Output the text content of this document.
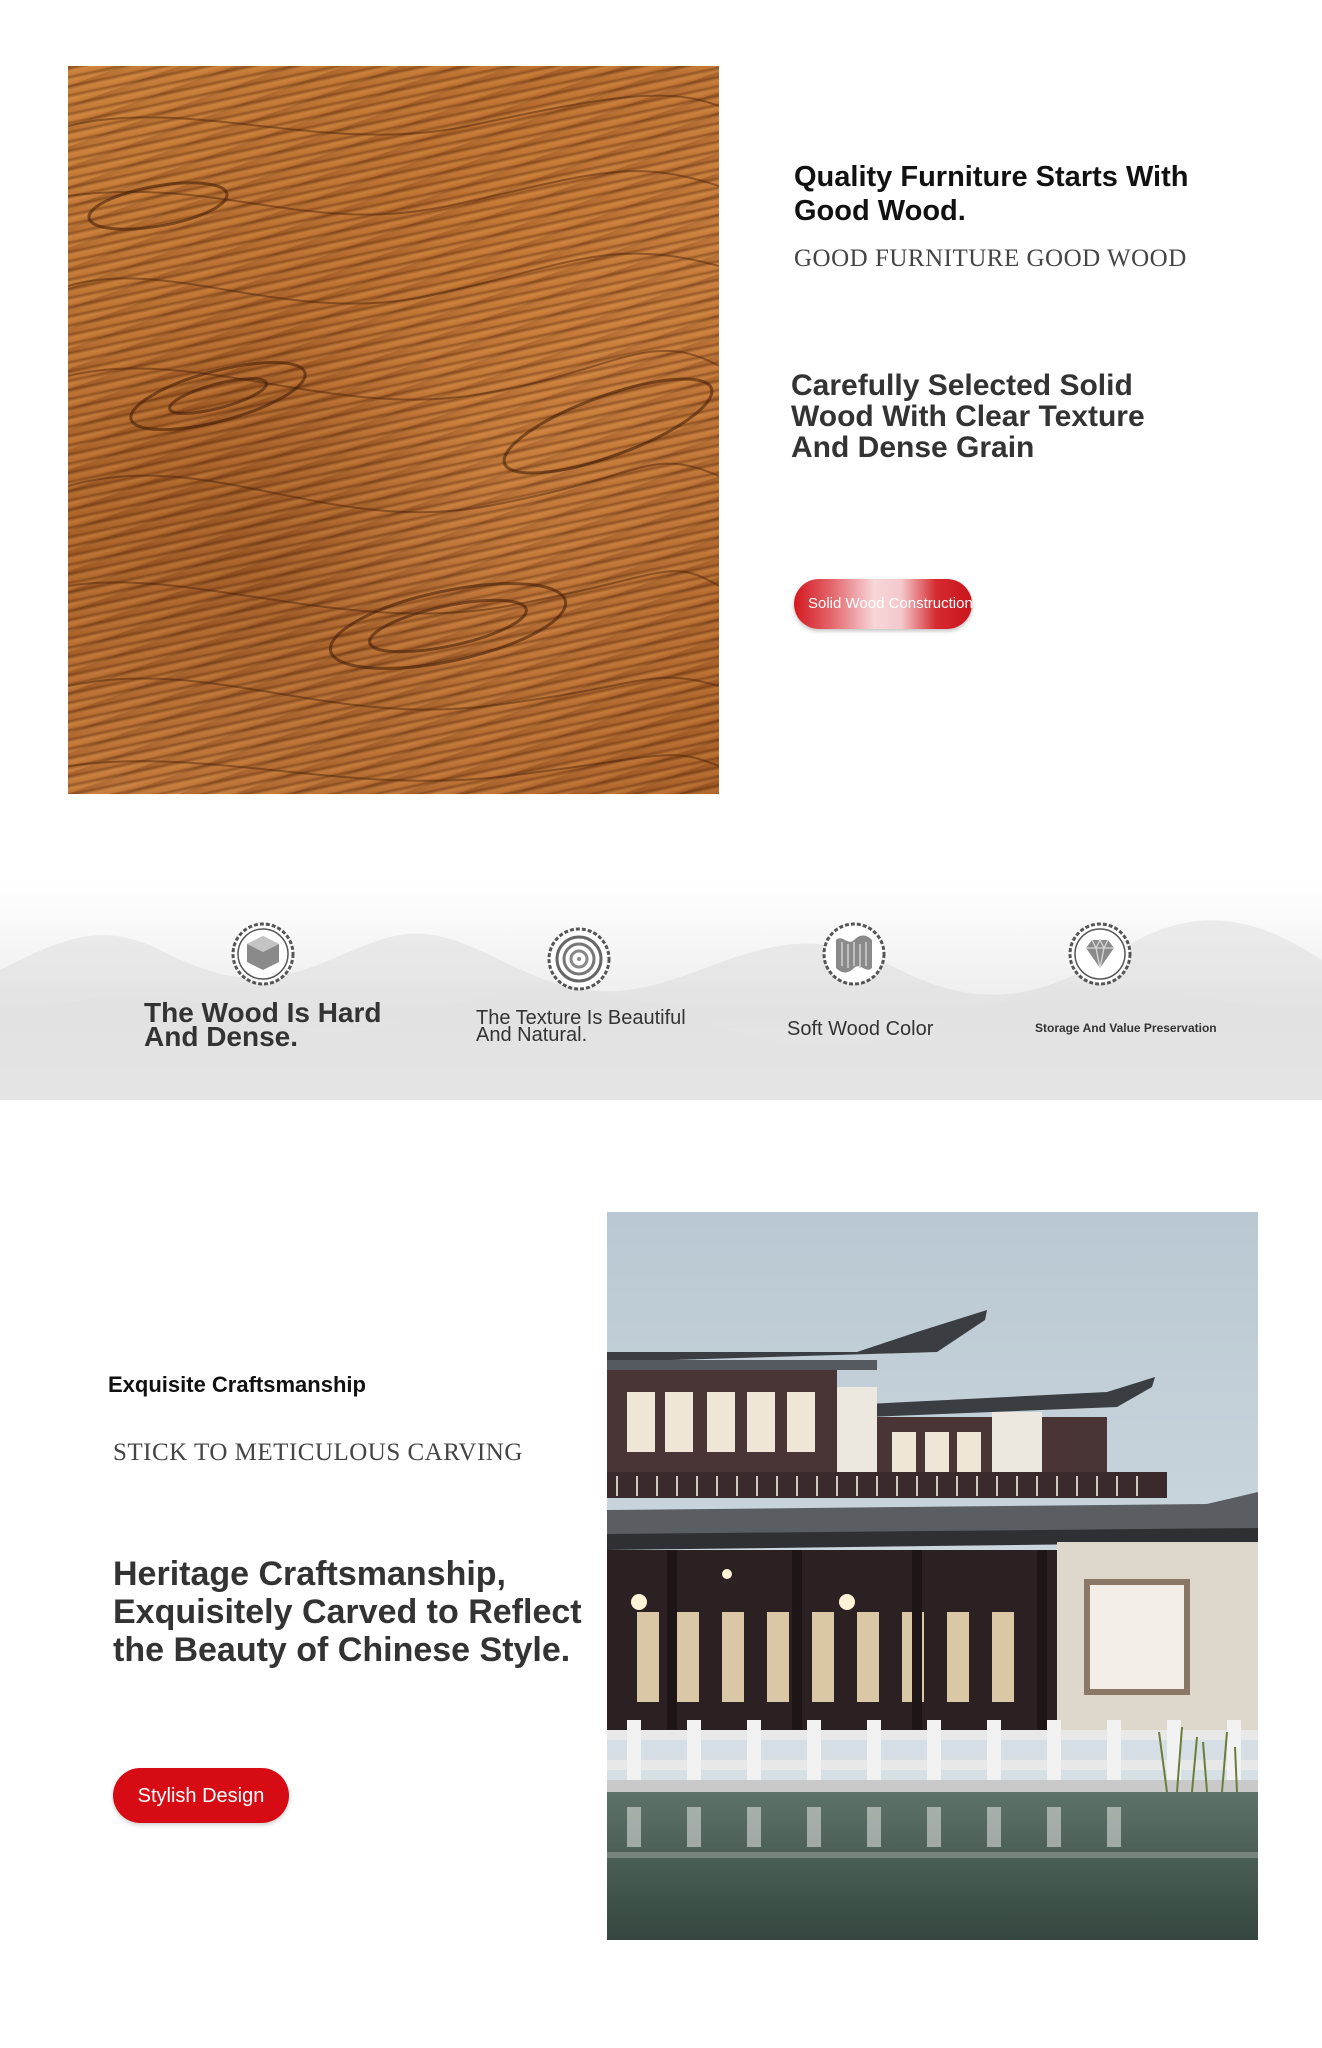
Quality Furniture Starts With Good Wood.
GOOD FURNITURE GOOD WOOD
Carefully Selected Solid Wood With Clear Texture And Dense Grain
Solid Wood Construction
The Wood Is Hard And Dense.
The Texture Is Beautiful And Natural.	Soft Wood Color	Storage And Value Preservation
Exquisite Craftsmanship
STICK TO METICULOUS CARVING
Heritage Craftsmanship, Exquisitely Carved to Reflect the Beauty of Chinese Style.
Stylish Design
